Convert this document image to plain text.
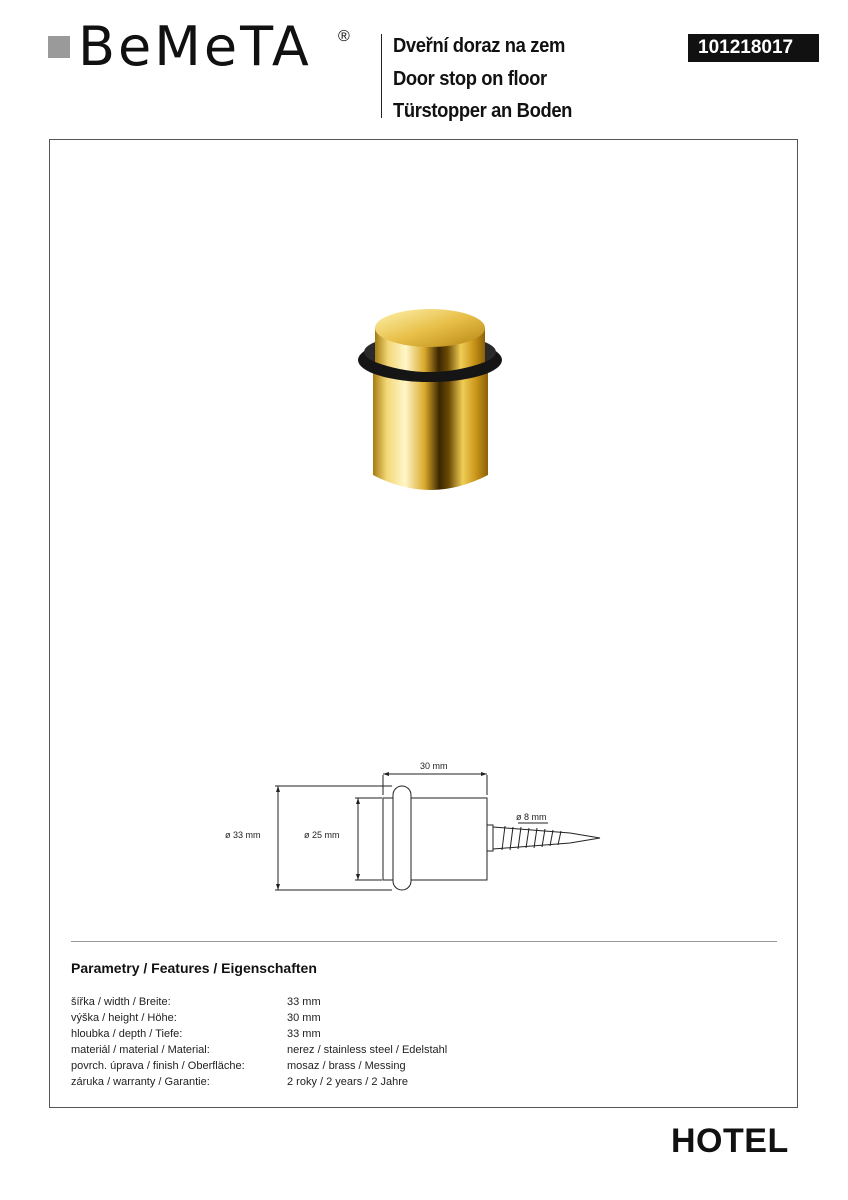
BeMeTA ® Dveřní doraz na zem
Door stop on floor
Türstopper an Boden
101218017
30 mm
ø 33 mm	ø 25 mm
ø 8 mm
Parametry / Features / Eigenschaften
šířka / width / Breite:	33 mm
výška / height / Höhe:	30 mm
hloubka / depth / Tiefe:	33 mm
materiál / material / Material:	nerez / stainless steel / Edelstahl
povrch. úprava / finish / Oberfläche:	mosaz / brass / Messing
záruka / warranty / Garantie:	2 roky / 2 years / 2 Jahre
HOTEL
